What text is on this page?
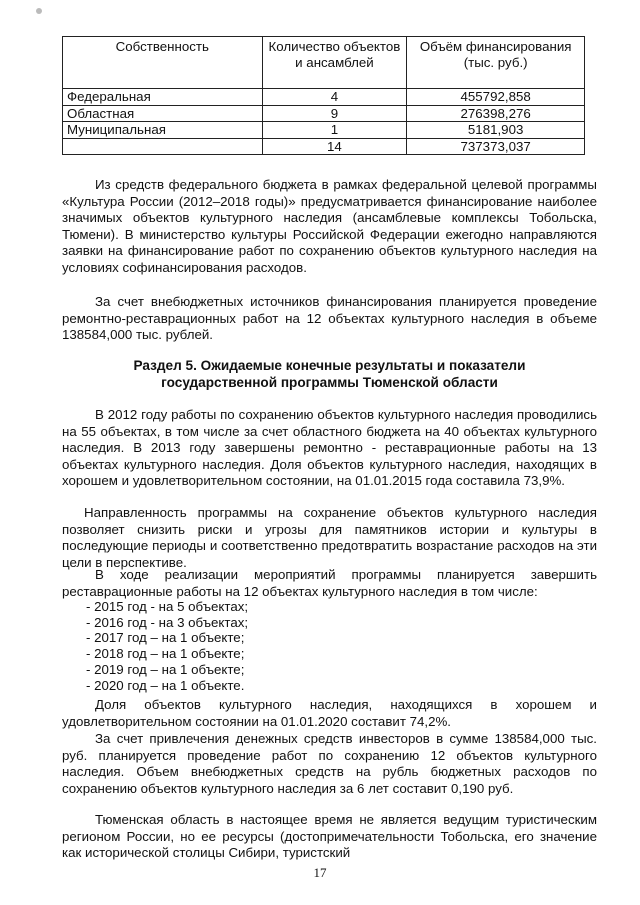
Собственность	Количество объектов и ансамблей	Объём финансирования (тыс. руб.)
Федеральная	4	455792,858
Областная	9	276398,276
Муниципальная	1	5181,903
	14	737373,037

Из средств федерального бюджета в рамках федеральной целевой программы «Культура России (2012–2018 годы)» предусматривается финансирование наиболее значимых объектов культурного наследия (ансамблевые комплексы Тобольска, Тюмени). В министерство культуры Российской Федерации ежегодно направляются заявки на финансирование работ по сохранению объектов культурного наследия на условиях софинансирования расходов.

За счет внебюджетных источников финансирования планируется проведение ремонтно-реставрационных работ на 12 объектах культурного наследия в объеме 138584,000 тыс. рублей.

Раздел 5. Ожидаемые конечные результаты и показатели
государственной программы Тюменской области

В 2012 году работы по сохранению объектов культурного наследия проводились на 55 объектах, в том числе за счет областного бюджета на 40 объектах культурного наследия. В 2013 году завершены ремонтно - реставрационные работы на 13 объектах культурного наследия. Доля объектов культурного наследия, находящих в хорошем и удовлетворительном состоянии, на 01.01.2015 года составила 73,9%.

Направленность программы на сохранение объектов культурного наследия позволяет снизить риски и угрозы для памятников истории и культуры в последующие периоды и соответственно предотвратить возрастание расходов на эти цели в перспективе.

В ходе реализации мероприятий программы планируется завершить реставрационные работы на 12 объектах культурного наследия в том числе:

- 2015 год - на 5 объектах;
- 2016 год - на 3 объектах;
- 2017 год – на 1 объекте;
- 2018 год – на 1 объекте;
- 2019 год – на 1 объекте;
- 2020 год – на 1 объекте.

Доля объектов культурного наследия, находящихся в хорошем и удовлетворительном состоянии на 01.01.2020 составит 74,2%.

За счет привлечения денежных средств инвесторов в сумме 138584,000 тыс. руб. планируется проведение работ по сохранению 12 объектов культурного наследия. Объем внебюджетных средств на рубль бюджетных расходов по сохранению объектов культурного наследия за 6 лет составит 0,190 руб.

Тюменская область в настоящее время не является ведущим туристическим регионом России, но ее ресурсы (достопримечательности Тобольска, его значение как исторической столицы Сибири, туристский

17
